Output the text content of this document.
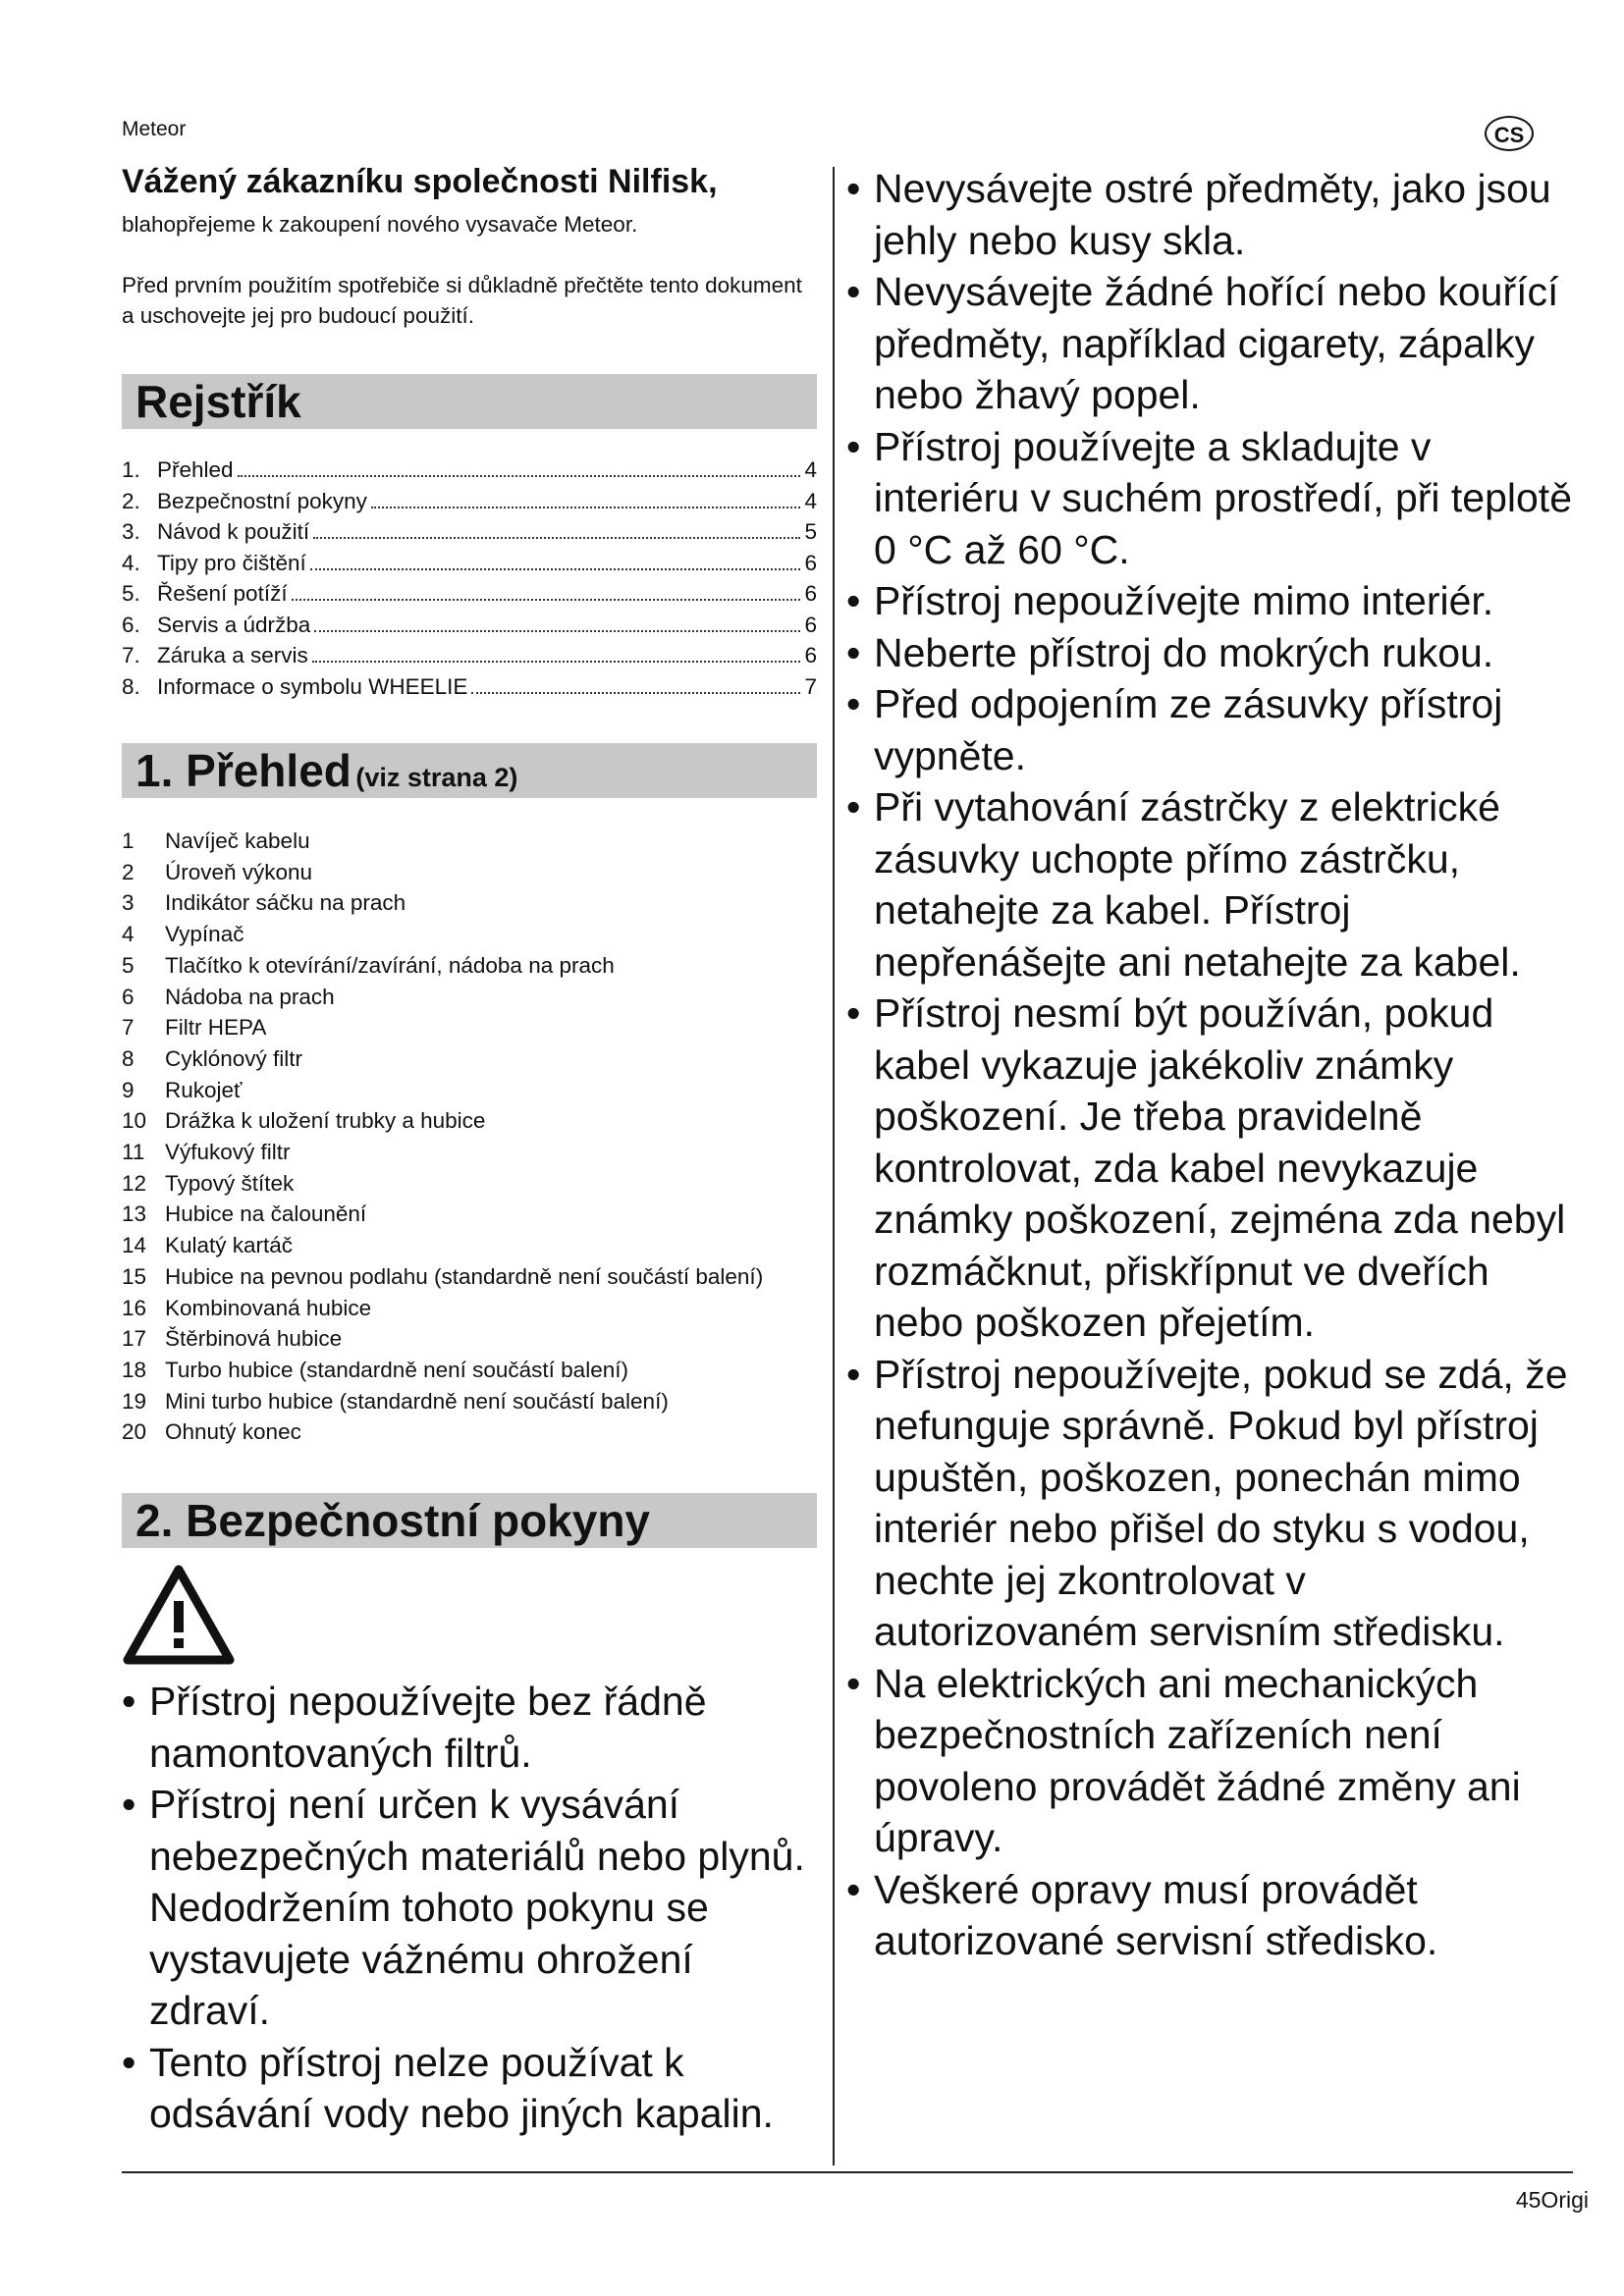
Meteor	CS
Vážený zákazníku společnosti Nilfisk,

blahopřejeme k zakoupení nového vysavače Meteor.

Před prvním použitím spotřebiče si důkladně přečtěte tento dokument a uschovejte jej pro budoucí použití.

Rejstřík
1. Přehled	4
2. Bezpečnostní pokyny	4
3. Návod k použití	5
4. Tipy pro čištění	6
5. Řešení potíží	6
6. Servis a údržba	6
7. Záruka a servis	6
8. Informace o symbolu WHEELIE	7
1. Přehled (viz strana 2)
1	Navíječ kabelu
2	Úroveň výkonu
3	Indikátor sáčku na prach
4	Vypínač
5	Tlačítko k otevírání/zavírání, nádoba na prach
6	Nádoba na prach
7	Filtr HEPA
8	Cyklónový filtr
9	Rukojeť
10 Drážka k uložení trubky a hubice
11 Výfukový filtr
12 Typový štítek
13 Hubice na čalounění
14 Kulatý kartáč
15 Hubice na pevnou podlahu (standardně není součástí balení)
16 Kombinovaná hubice
17 Štěrbinová hubice
18 Turbo hubice (standardně není součástí balení)
19 Mini turbo hubice (standardně není součástí balení)
20 Ohnutý konec
2. Bezpečnostní pokyny
• Přístroj nepoužívejte bez řádně namontovaných filtrů.
• Přístroj není určen k vysávání nebezpečných materiálů nebo plynů. Nedodržením tohoto pokynu se vystavujete vážnému ohrožení zdraví.
• Tento přístroj nelze používat k odsávání vody nebo jiných kapalin.
• Nevysávejte ostré předměty, jako jsou jehly nebo kusy skla.
• Nevysávejte žádné hořící nebo kouřící předměty, například cigarety, zápalky nebo žhavý popel.
• Přístroj používejte a skladujte v interiéru v suchém prostředí, při teplotě 0 °C až 60 °C.
• Přístroj nepoužívejte mimo interiér.
• Neberte přístroj do mokrých rukou.
• Před odpojením ze zásuvky přístroj vypněte.
• Při vytahování zástrčky z elektrické zásuvky uchopte přímo zástrčku, netahejte za kabel. Přístroj nepřenášejte ani netahejte za kabel.
• Přístroj nesmí být používán, pokud kabel vykazuje jakékoliv známky poškození. Je třeba pravidelně kontrolovat, zda kabel nevykazuje známky poškození, zejména zda nebyl rozmáčknut, přiskřípnut ve dveřích nebo poškozen přejetím.
• Přístroj nepoužívejte, pokud se zdá, že nefunguje správně. Pokud byl přístroj upuštěn, poškozen, ponechán mimo interiér nebo přišel do styku s vodou, nechte jej zkontrolovat v autorizovaném servisním středisku.
• Na elektrických ani mechanických bezpečnostních zařízeních není povoleno provádět žádné změny ani úpravy.
• Veškeré opravy musí provádět autorizované servisní středisko.
45Origi
